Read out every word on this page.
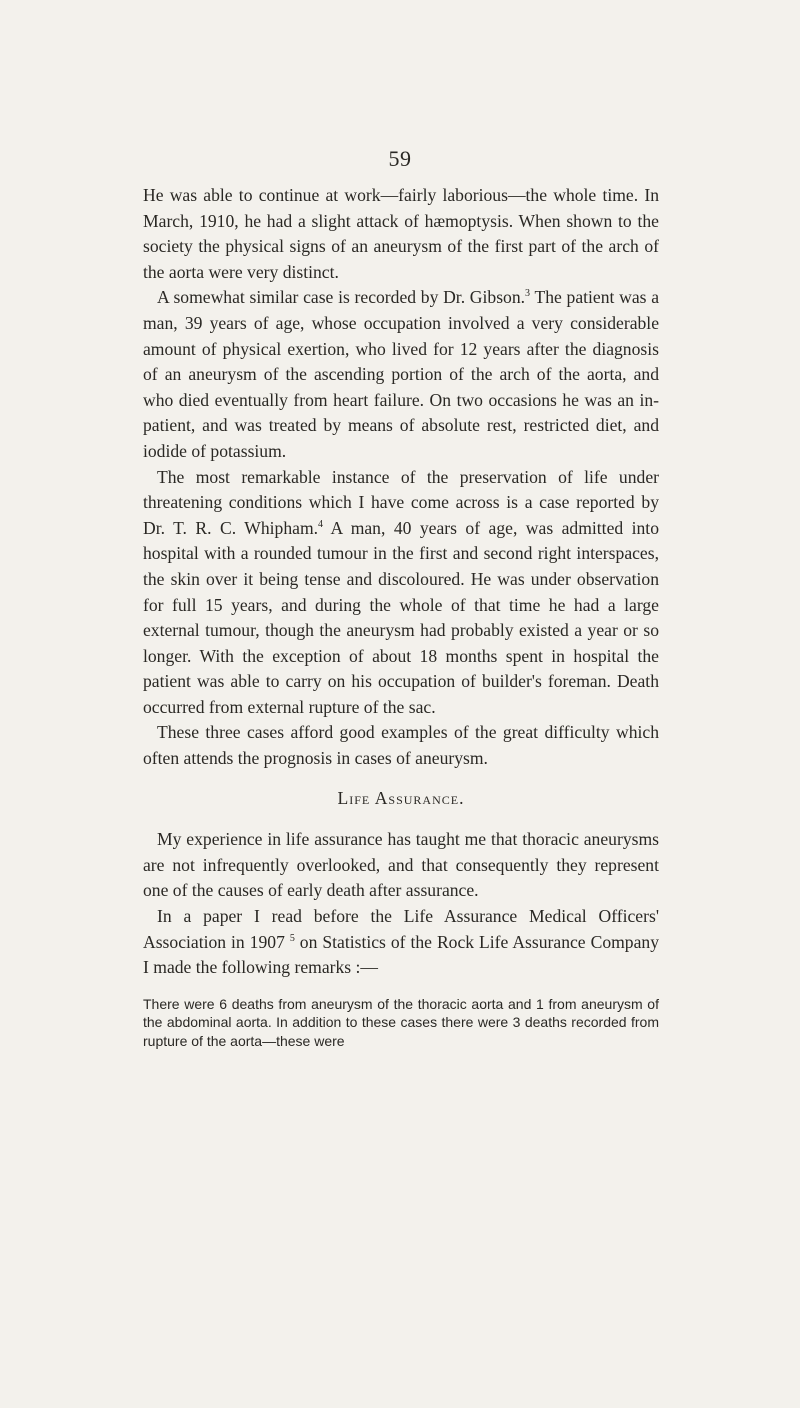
59

He was able to continue at work—fairly laborious—the whole time. In March, 1910, he had a slight attack of hæmoptysis. When shown to the society the physical signs of an aneurysm of the first part of the arch of the aorta were very distinct.

A somewhat similar case is recorded by Dr. Gibson.$^3$ The patient was a man, 39 years of age, whose occupation involved a very considerable amount of physical exertion, who lived for 12 years after the diagnosis of an aneurysm of the ascending portion of the arch of the aorta, and who died eventually from heart failure. On two occasions he was an in-patient, and was treated by means of absolute rest, restricted diet, and iodide of potassium.

The most remarkable instance of the preservation of life under threatening conditions which I have come across is a case reported by Dr. T. R. C. Whipham.$^4$ A man, 40 years of age, was admitted into hospital with a rounded tumour in the first and second right interspaces, the skin over it being tense and discoloured. He was under observation for full 15 years, and during the whole of that time he had a large external tumour, though the aneurysm had probably existed a year or so longer. With the exception of about 18 months spent in hospital the patient was able to carry on his occupation of builder's foreman. Death occurred from external rupture of the sac.

These three cases afford good examples of the great difficulty which often attends the prognosis in cases of aneurysm.

Life Assurance.

My experience in life assurance has taught me that thoracic aneurysms are not infrequently overlooked, and that consequently they represent one of the causes of early death after assurance.

In a paper I read before the Life Assurance Medical Officers' Association in 1907 $^5$ on Statistics of the Rock Life Assurance Company I made the following remarks :—

There were 6 deaths from aneurysm of the thoracic aorta and 1 from aneurysm of the abdominal aorta. In addition to these cases there were 3 deaths recorded from rupture of the aorta—these were
